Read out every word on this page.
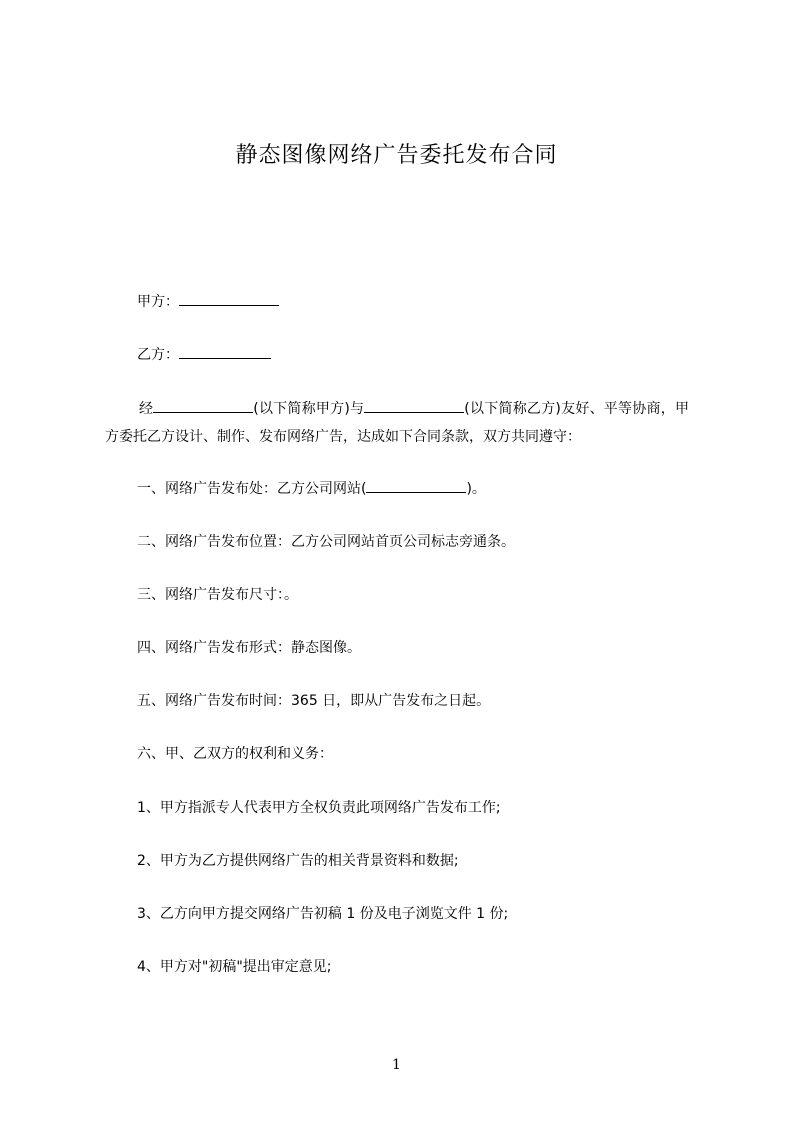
静态图像网络广告委托发布合同
甲方：
乙方：
经	(以下简称甲方)与	(以下简称乙方)友好、平等协商，甲方委托乙方设计、制作、发布网络广告，达成如下合同条款，双方共同遵守：
一、网络广告发布处：乙方公司网站(	)。
二、网络广告发布位置：乙方公司网站首页公司标志旁通条。
三、网络广告发布尺寸：。
四、网络广告发布形式：静态图像。
五、网络广告发布时间：365 日，即从广告发布之日起。
六、甲、乙双方的权利和义务：
1、甲方指派专人代表甲方全权负责此项网络广告发布工作;
2、甲方为乙方提供网络广告的相关背景资料和数据;
3、乙方向甲方提交网络广告初稿 1 份及电子浏览文件 1 份;
4、甲方对"初稿"提出审定意见;
1
